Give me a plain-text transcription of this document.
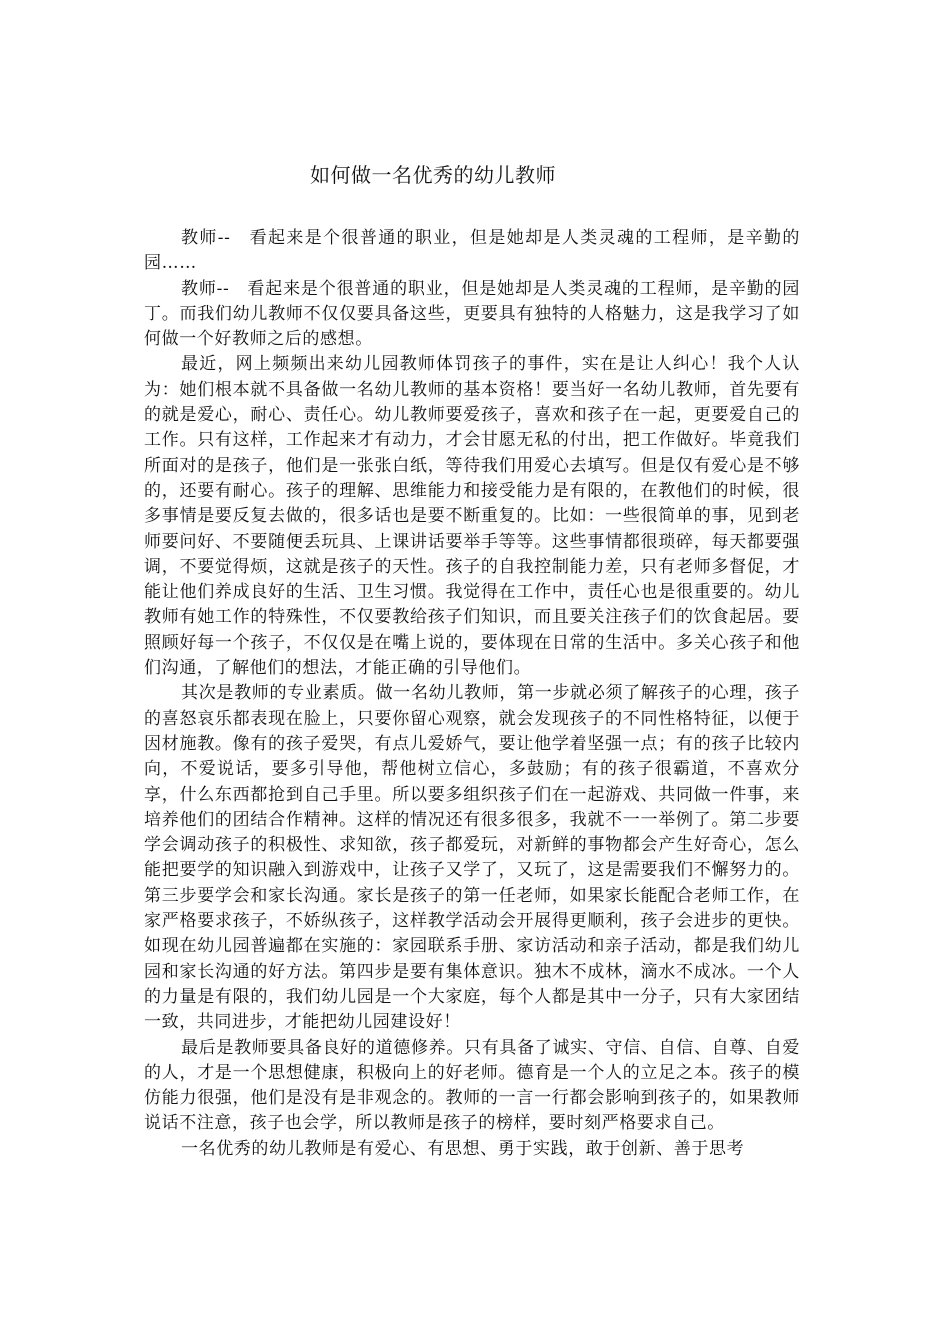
如何做一名优秀的幼儿教师

教师--　看起来是个很普通的职业，但是她却是人类灵魂的工程师，是辛勤的园……

教师--　看起来是个很普通的职业，但是她却是人类灵魂的工程师，是辛勤的园丁。而我们幼儿教师不仅仅要具备这些，更要具有独特的人格魅力，这是我学习了如何做一个好教师之后的感想。

最近，网上频频出来幼儿园教师体罚孩子的事件，实在是让人纠心！我个人认为：她们根本就不具备做一名幼儿教师的基本资格！要当好一名幼儿教师，首先要有的就是爱心，耐心、责任心。幼儿教师要爱孩子，喜欢和孩子在一起，更要爱自己的工作。只有这样，工作起来才有动力，才会甘愿无私的付出，把工作做好。毕竟我们所面对的是孩子，他们是一张张白纸，等待我们用爱心去填写。但是仅有爱心是不够的，还要有耐心。孩子的理解、思维能力和接受能力是有限的，在教他们的时候，很多事情是要反复去做的，很多话也是要不断重复的。比如：一些很简单的事，见到老师要问好、不要随便丢玩具、上课讲话要举手等等。这些事情都很琐碎，每天都要强调，不要觉得烦，这就是孩子的天性。孩子的自我控制能力差，只有老师多督促，才能让他们养成良好的生活、卫生习惯。我觉得在工作中，责任心也是很重要的。幼儿教师有她工作的特殊性，不仅要教给孩子们知识，而且要关注孩子们的饮食起居。要照顾好每一个孩子，不仅仅是在嘴上说的，要体现在日常的生活中。多关心孩子和他们沟通，了解他们的想法，才能正确的引导他们。

其次是教师的专业素质。做一名幼儿教师，第一步就必须了解孩子的心理，孩子的喜怒哀乐都表现在脸上，只要你留心观察，就会发现孩子的不同性格特征，以便于因材施教。像有的孩子爱哭，有点儿爱娇气，要让他学着坚强一点；有的孩子比较内向，不爱说话，要多引导他，帮他树立信心，多鼓励；有的孩子很霸道，不喜欢分享，什么东西都抢到自己手里。所以要多组织孩子们在一起游戏、共同做一件事，来培养他们的团结合作精神。这样的情况还有很多很多，我就不一一举例了。第二步要学会调动孩子的积极性、求知欲，孩子都爱玩，对新鲜的事物都会产生好奇心，怎么能把要学的知识融入到游戏中，让孩子又学了，又玩了，这是需要我们不懈努力的。第三步要学会和家长沟通。家长是孩子的第一任老师，如果家长能配合老师工作，在家严格要求孩子，不娇纵孩子，这样教学活动会开展得更顺利，孩子会进步的更快。如现在幼儿园普遍都在实施的：家园联系手册、家访活动和亲子活动，都是我们幼儿园和家长沟通的好方法。第四步是要有集体意识。独木不成林，滴水不成冰。一个人的力量是有限的，我们幼儿园是一个大家庭，每个人都是其中一分子，只有大家团结一致，共同进步，才能把幼儿园建设好！

最后是教师要具备良好的道德修养。只有具备了诚实、守信、自信、自尊、自爱的人，才是一个思想健康，积极向上的好老师。德育是一个人的立足之本。孩子的模仿能力很强，他们是没有是非观念的。教师的一言一行都会影响到孩子的，如果教师说话不注意，孩子也会学，所以教师是孩子的榜样，要时刻严格要求自己。

一名优秀的幼儿教师是有爱心、有思想、勇于实践，敢于创新、善于思考
